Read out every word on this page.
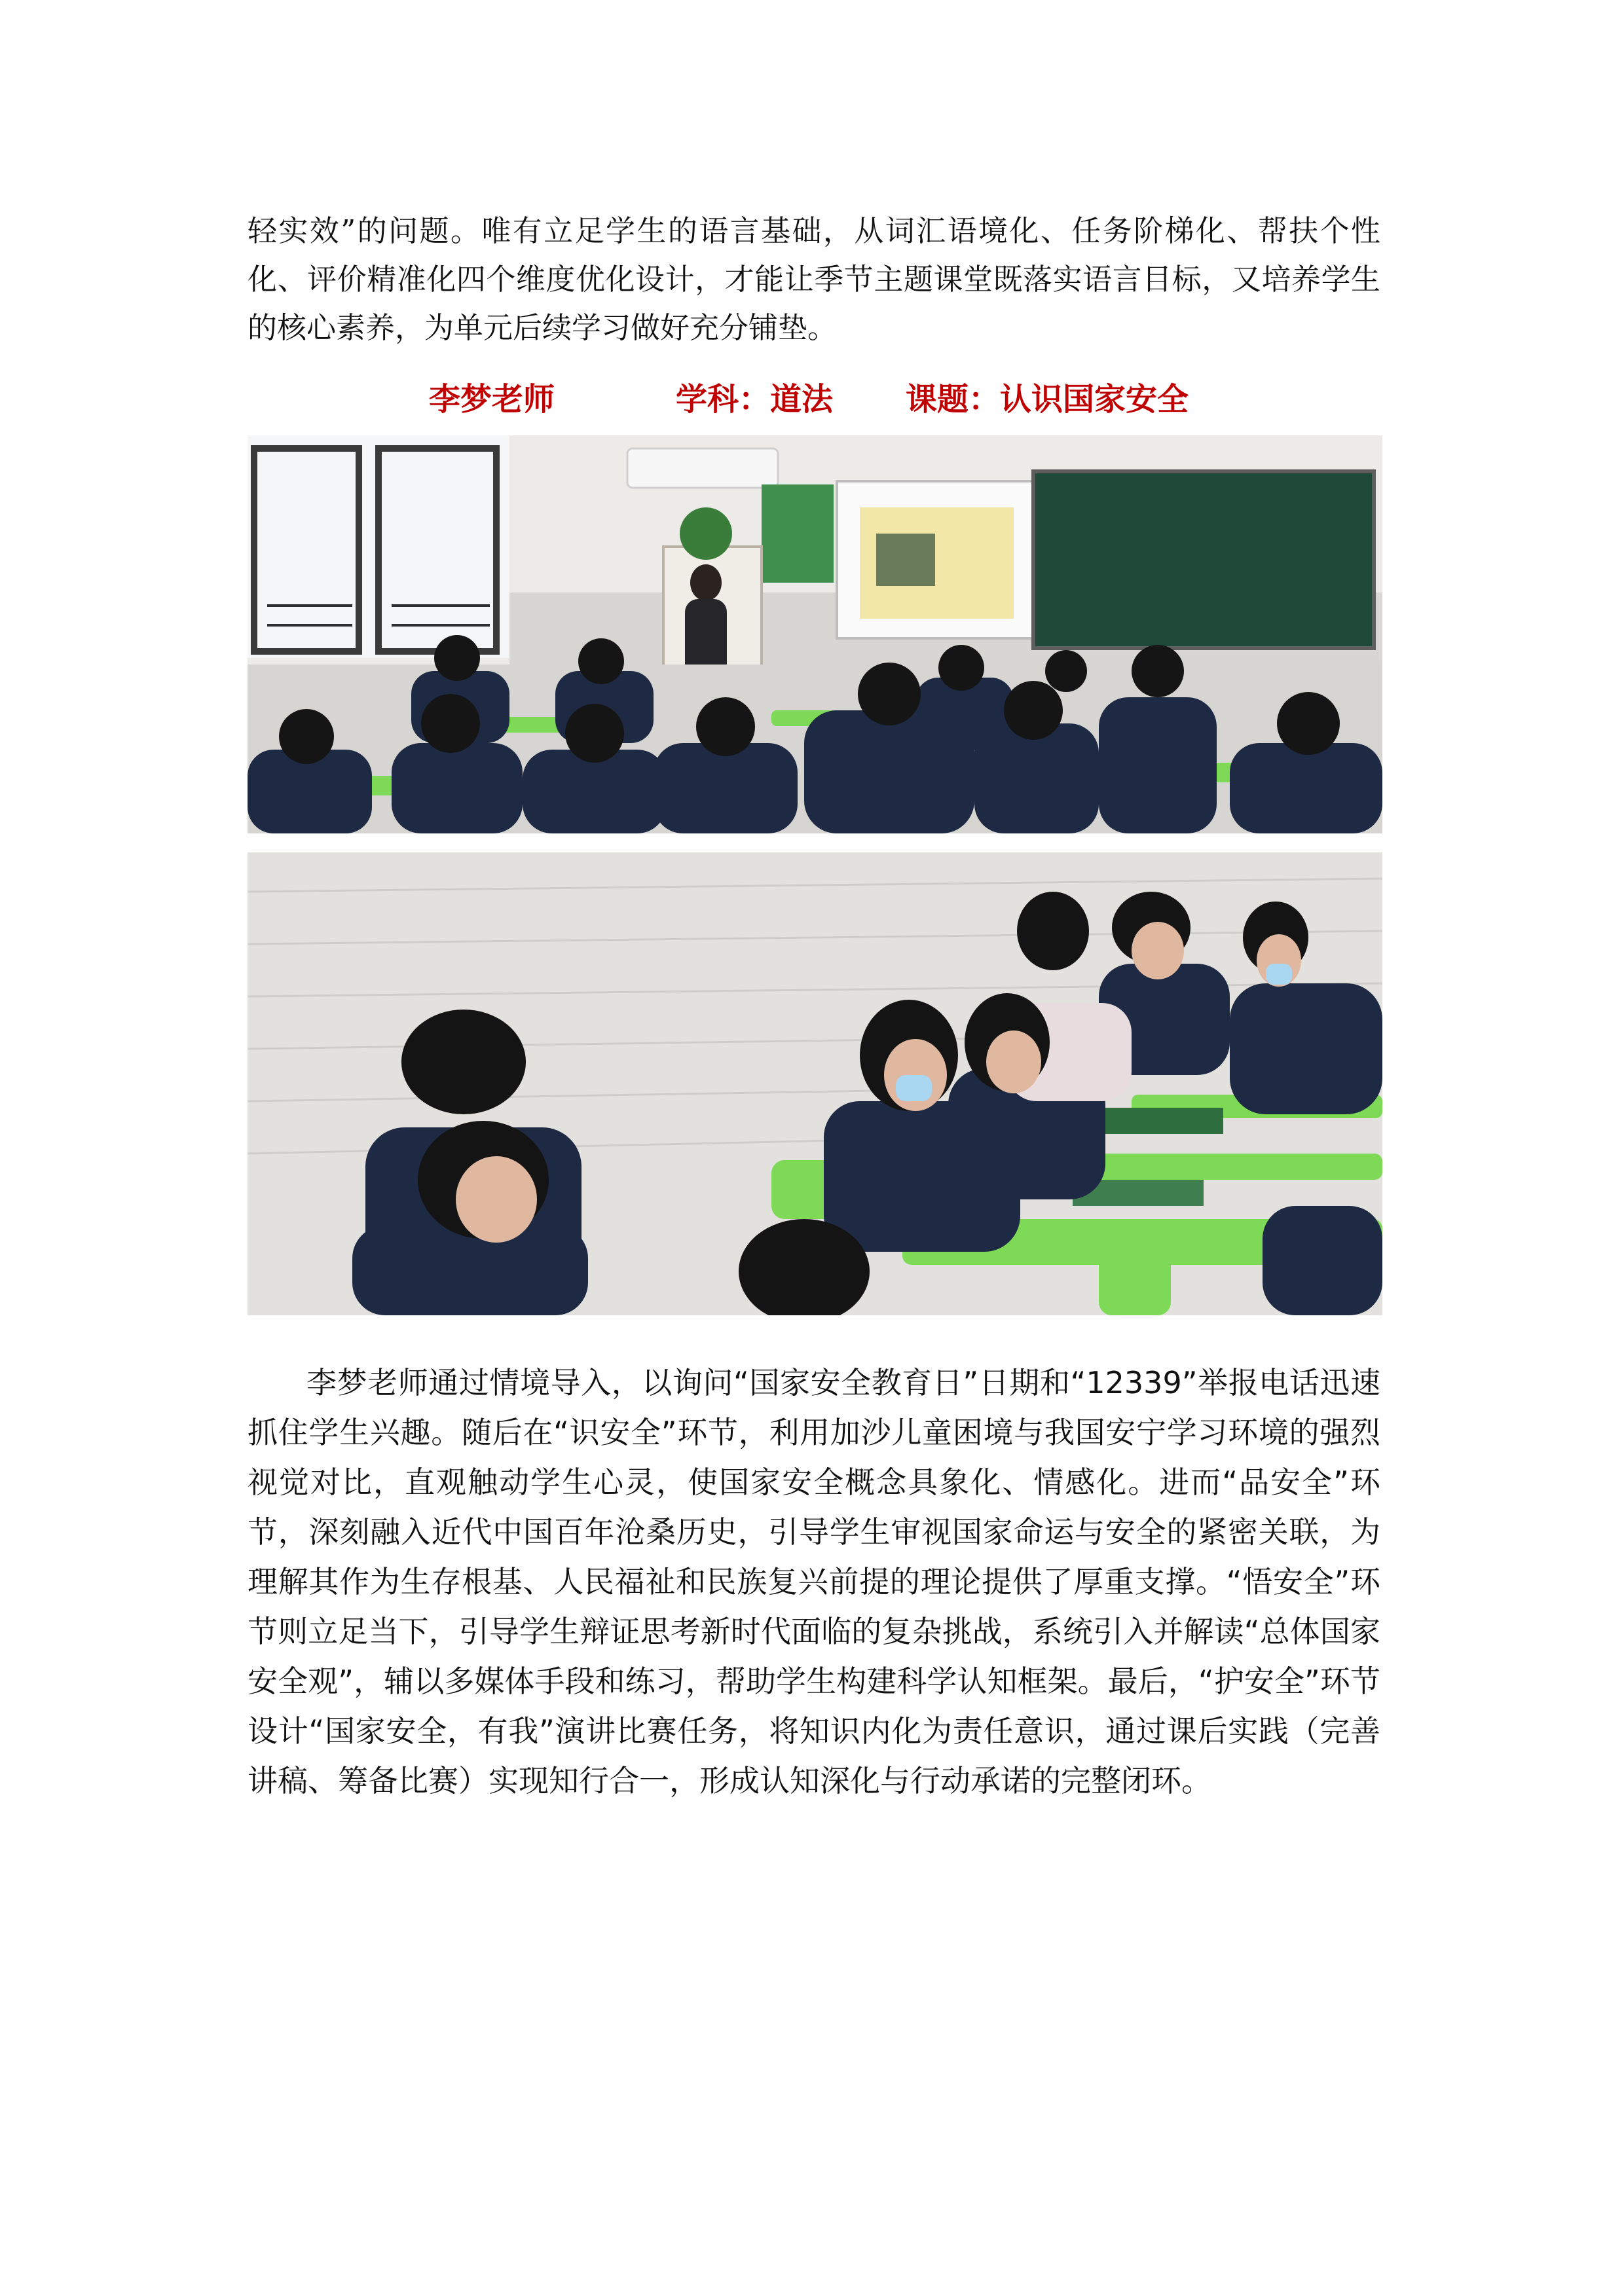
轻实效”的问题。唯有立足学生的语言基础，从词汇语境化、任务阶梯化、帮扶个性化、评价精准化四个维度优化设计，才能让季节主题课堂既落实语言目标，又培养学生的核心素养，为单元后续学习做好充分铺垫。

李梦老师	学科：道法 课题：认识国家安全

李梦老师通过情境导入，以询问“国家安全教育日”日期和“12339”举报电话迅速抓住学生兴趣。随后在“识安全”环节，利用加沙儿童困境与我国安宁学习环境的强烈视觉对比，直观触动学生心灵，使国家安全概念具象化、情感化。进而“品安全”环节，深刻融入近代中国百年沧桑历史，引导学生审视国家命运与安全的紧密关联，为理解其作为生存根基、人民福祉和民族复兴前提的理论提供了厚重支撑。“悟安全”环节则立足当下，引导学生辩证思考新时代面临的复杂挑战，系统引入并解读“总体国家安全观”，辅以多媒体手段和练习，帮助学生构建科学认知框架。最后，“护安全”环节设计“国家安全，有我”演讲比赛任务，将知识内化为责任意识，通过课后实践（完善讲稿、筹备比赛）实现知行合一，形成认知深化与行动承诺的完整闭环。
